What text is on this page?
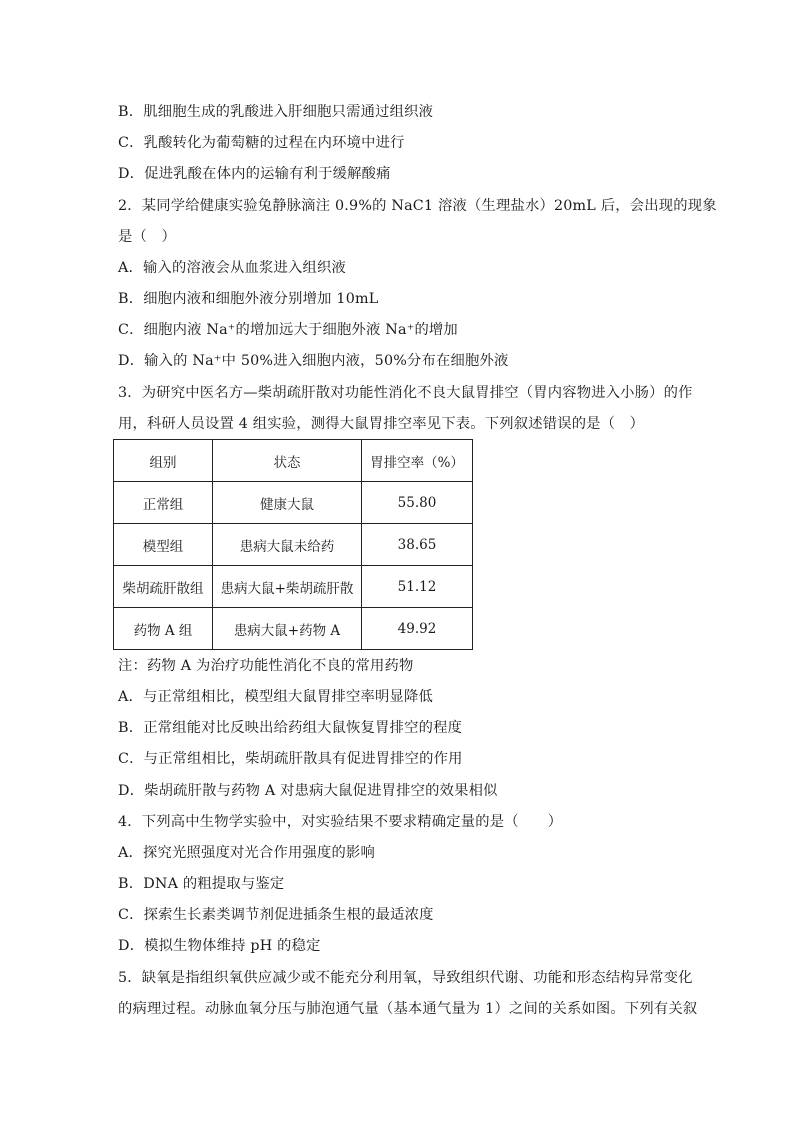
B．肌细胞生成的乳酸进入肝细胞只需通过组织液
C．乳酸转化为葡萄糖的过程在内环境中进行
D．促进乳酸在体内的运输有利于缓解酸痛
2．某同学给健康实验兔静脉滴注 0.9%的 NaC1 溶液（生理盐水）20mL 后，会出现的现象
是（　）
A．输入的溶液会从血浆进入组织液
B．细胞内液和细胞外液分别增加 10mL
C．细胞内液 Na⁺的增加远大于细胞外液 Na⁺的增加
D．输入的 Na⁺中 50%进入细胞内液，50%分布在细胞外液
3．为研究中医名方—柴胡疏肝散对功能性消化不良大鼠胃排空（胃内容物进入小肠）的作
用，科研人员设置 4 组实验，测得大鼠胃排空率见下表。下列叙述错误的是（　）
组别	状态	胃排空率（%）
正常组	健康大鼠	55.80
模型组	患病大鼠未给药	38.65
柴胡疏肝散组	患病大鼠+柴胡疏肝散	51.12
药物 A 组	患病大鼠+药物 A	49.92
注：药物 A 为治疗功能性消化不良的常用药物
A．与正常组相比，模型组大鼠胃排空率明显降低
B．正常组能对比反映出给药组大鼠恢复胃排空的程度
C．与正常组相比，柴胡疏肝散具有促进胃排空的作用
D．柴胡疏肝散与药物 A 对患病大鼠促进胃排空的效果相似
4．下列高中生物学实验中，对实验结果不要求精确定量的是（　　）
A．探究光照强度对光合作用强度的影响
B．DNA 的粗提取与鉴定
C．探索生长素类调节剂促进插条生根的最适浓度
D．模拟生物体维持 pH 的稳定
5．缺氧是指组织氧供应减少或不能充分利用氧，导致组织代谢、功能和形态结构异常变化
的病理过程。动脉血氧分压与肺泡通气量（基本通气量为 1）之间的关系如图。下列有关叙
